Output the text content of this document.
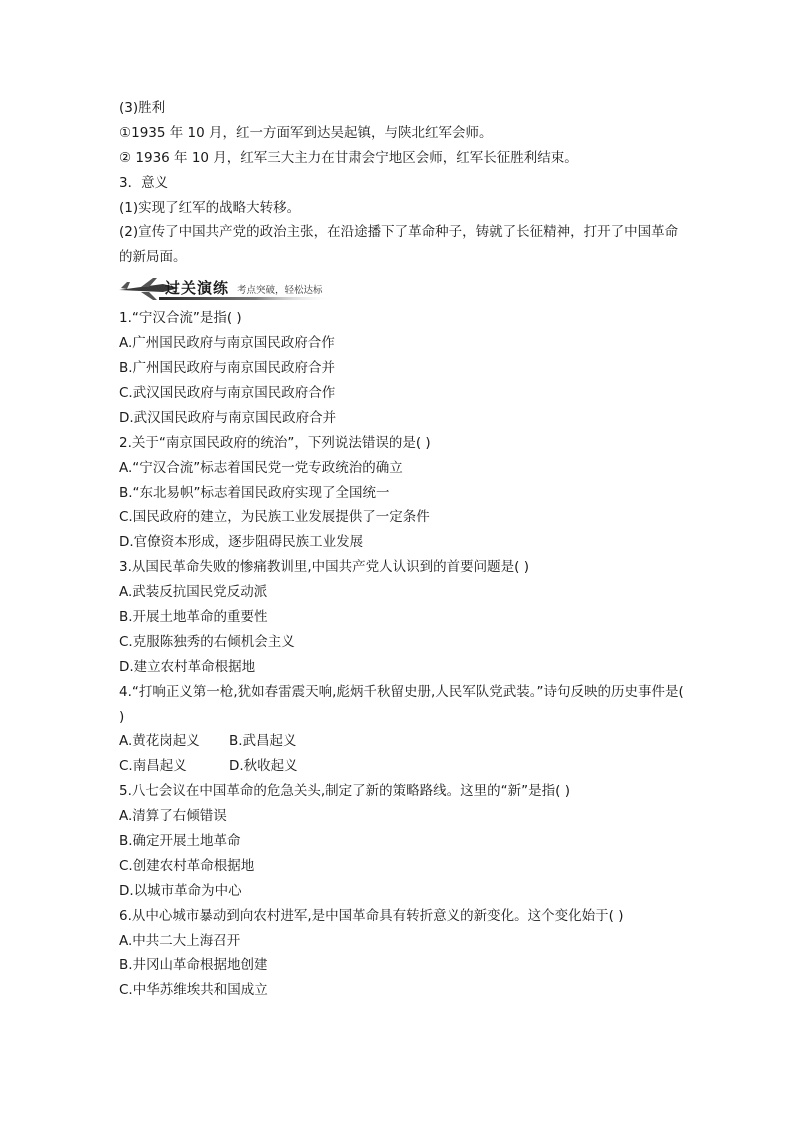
(3)胜利
①1935 年 10 月，红一方面军到达吴起镇，与陕北红军会师。
② 1936 年 10 月，红军三大主力在甘肃会宁地区会师，红军长征胜利结束。
3．意义
(1)实现了红军的战略大转移。
(2)宣传了中国共产党的政治主张，在沿途播下了革命种子，铸就了长征精神，打开了中国革命的新局面。
过关演练 考点突破，轻松达标
1.“宁汉合流”是指( )
A.广州国民政府与南京国民政府合作
B.广州国民政府与南京国民政府合并
C.武汉国民政府与南京国民政府合作
D.武汉国民政府与南京国民政府合并
2.关于“南京国民政府的统治”，下列说法错误的是( )
A.“宁汉合流”标志着国民党一党专政统治的确立
B.“东北易帜”标志着国民政府实现了全国统一
C.国民政府的建立，为民族工业发展提供了一定条件
D.官僚资本形成，逐步阻碍民族工业发展
3.从国民革命失败的惨痛教训里,中国共产党人认识到的首要问题是( )
A.武装反抗国民党反动派
B.开展土地革命的重要性
C.克服陈独秀的右倾机会主义
D.建立农村革命根据地
4.“打响正义第一枪,犹如春雷震天响,彪炳千秋留史册,人民军队党武装。”诗句反映的历史事件是( )
A.黄花岗起义	B.武昌起义
C.南昌起义	D.秋收起义
5.八七会议在中国革命的危急关头,制定了新的策略路线。这里的“新”是指( )
A.清算了右倾错误
B.确定开展土地革命
C.创建农村革命根据地
D.以城市革命为中心
6.从中心城市暴动到向农村进军,是中国革命具有转折意义的新变化。这个变化始于( )
A.中共二大上海召开
B.井冈山革命根据地创建
C.中华苏维埃共和国成立
